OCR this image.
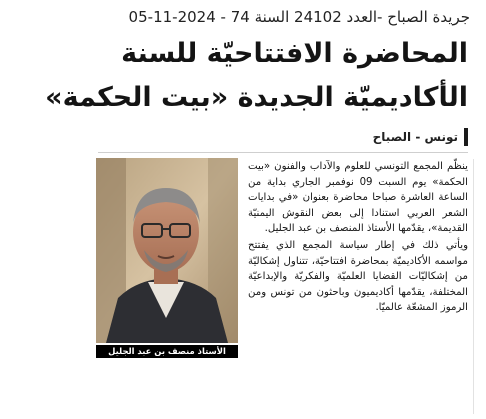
جريدة الصباح -العدد 24102 السنة 74 - 2024-11-05
المحاضرة الافتتاحيّة للسنة
الأكاديميّة الجديدة «بيت الحكمة»
تونس - الصباح
الأستاذ منصف بن عبد الجليل

ينظّم المجمع التونسي للعلوم والآداب والفنون «بيت الحكمة» يوم السبت 09 نوفمبر الجاري بداية من الساعة العاشرة صباحا محاضرة بعنوان «في بدايات الشعر العربي استنادا إلى بعض النقوش اليمنيّة القديمة»، يقدّمها الأستاذ المنصف بن عبد الجليل.

ويأتي ذلك في إطار سياسة المجمع الذي يفتتح مواسمه الأكاديميّة بمحاضرة افتتاحيّة، تتناول إشكاليّة من إشكاليّات القضايا العلميّة والفكريّة والإبداعيّة المختلفة، يقدّمها أكاديميون وباحثون من تونس ومن الرموز المشعّة عالميّا.
